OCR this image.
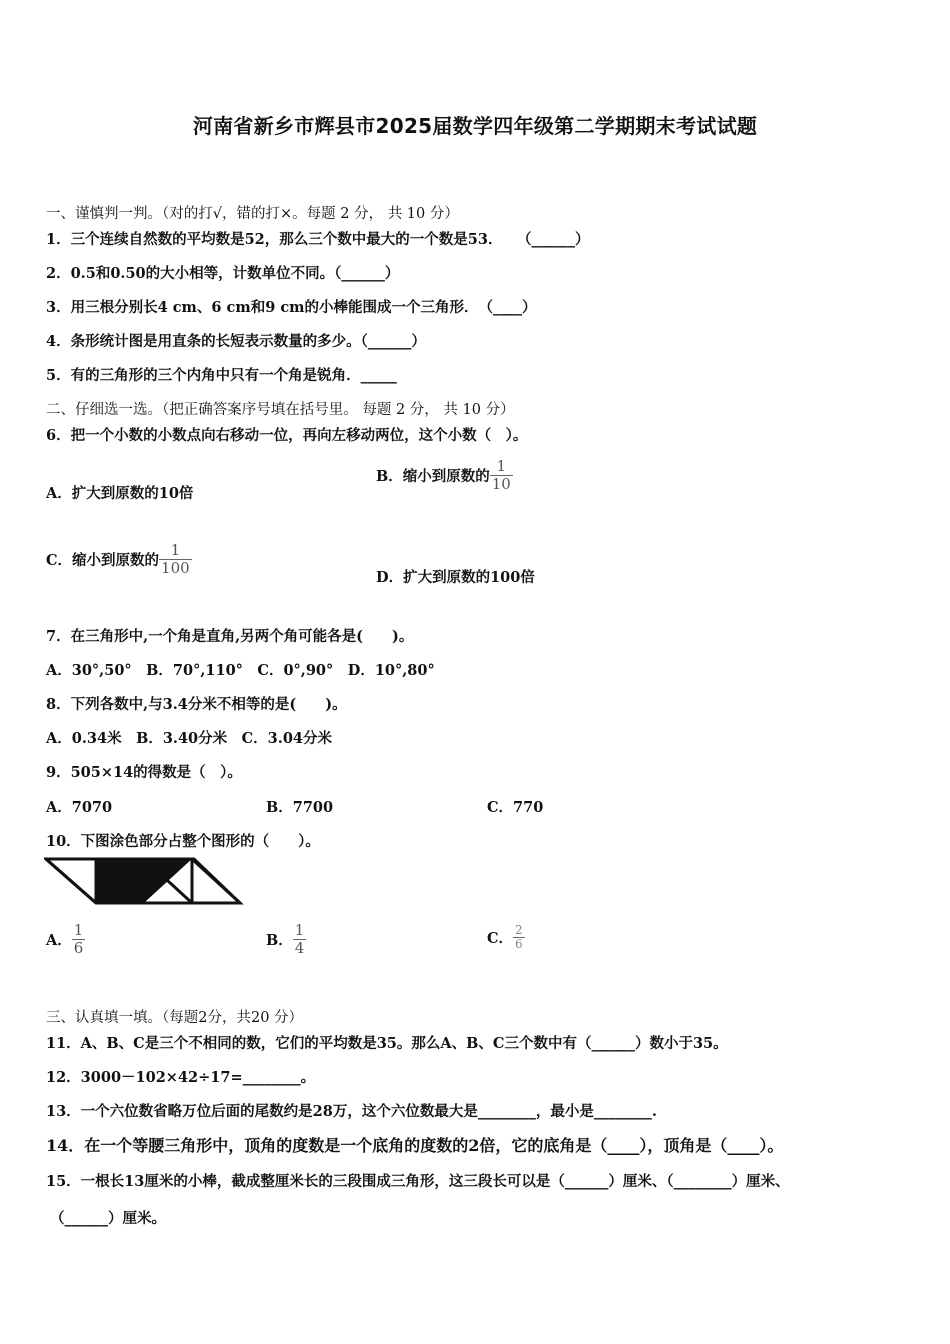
河南省新乡市辉县市2025届数学四年级第二学期期末考试试题
一、谨慎判一判。（对的打√，错的打×。每题 2 分， 共 10 分）
1．三个连续自然数的平均数是52，那么三个数中最大的一个数是53．　　（______）
2．0.5和0.50的大小相等，计数单位不同。（______）
3．用三根分别长4 cm、6 cm和9 cm的小棒能围成一个三角形．　（____）
4．条形统计图是用直条的长短表示数量的多少。（______）
5．有的三角形的三个内角中只有一个角是锐角．_____
二、仔细选一选。（把正确答案序号填在括号里。 每题 2 分， 共 10 分）
6．把一个小数的小数点向右移动一位，再向左移动两位，这个小数（　）。
A．扩大到原数的10倍
B．缩小到原数的 $\frac{1}{10}$
C．缩小到原数的 $\frac{1}{100}$
D．扩大到原数的100倍
7．在三角形中,一个角是直角,另两个角可能各是(　　)。
A．30°,50°　B．70°,110°　C．0°,90°　D．10°,80°
8．下列各数中,与3.4分米不相等的是(　　)。
A．0.34米　B．3.40分米　C．3.04分米
9．505×14的得数是（　）。
A．7070	B．7700	C．770
10．下图涂色部分占整个图形的（　　）。
A． $\frac{1}{6}$	B． $\frac{1}{4}$	C． $\frac{2}{6}$
三、认真填一填。（每题2分，共20 分）
11．A、B、C是三个不相同的数，它们的平均数是35。那么A、B、C三个数中有（______）数小于35。
12．3000－102×42÷17=________。
13．一个六位数省略万位后面的尾数约是28万，这个六位数最大是________，最小是________.
14．在一个等腰三角形中，顶角的度数是一个底角的度数的2倍，它的底角是（____），顶角是（____）。
15．一根长13厘米的小棒，截成整厘米长的三段围成三角形，这三段长可以是（______）厘米、（________）厘米、
（______）厘米。
